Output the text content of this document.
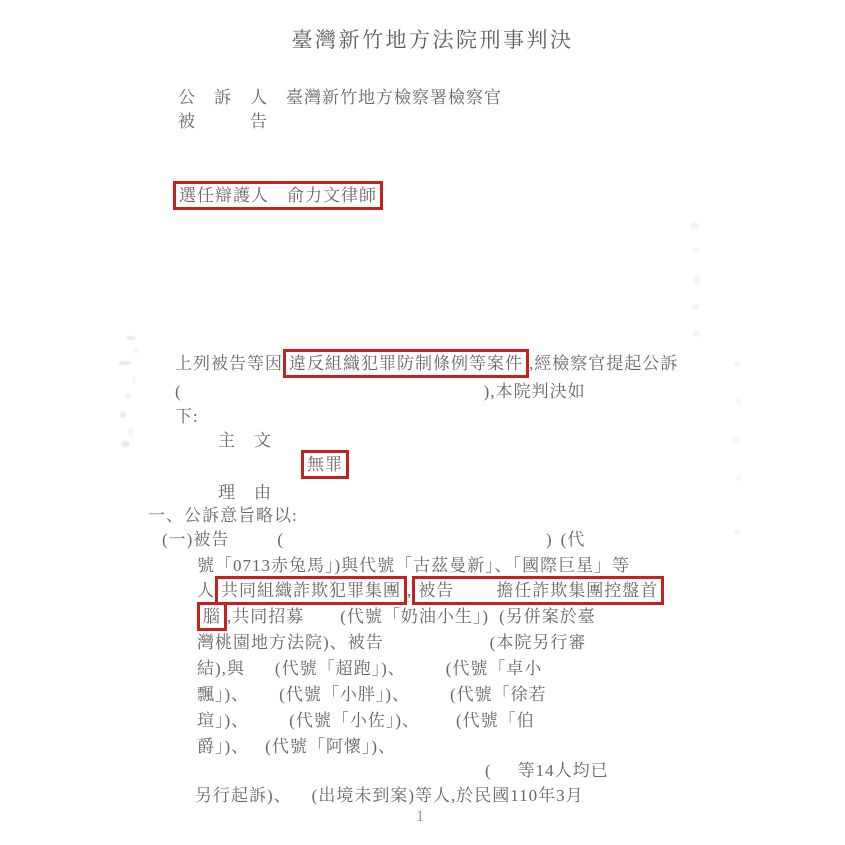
臺灣新竹地方法院刑事判決
公　訴　人　臺灣新竹地方檢察署檢察官
被　　　告
選任辯護人　俞力文律師
上列被告等因 違反組織犯罪防制條例等案件 ,經檢察官提起公訴
(	),本院判決如
下:
主　文
無罪
理　由
一、公訴意旨略以:
(一)被告	(	) (代
號「0713赤兔馬」)與代號「古茲曼新」、「國際巨星」等
人 共同組織詐欺犯罪集團 , 被告 擔任詐欺集團控盤首
腦 ,共同招募 (代號「奶油小生」) (另併案於臺
灣桃園地方法院)、被告	(本院另行審
結),與 (代號「超跑」)、 (代號「卓小
飄」)、 (代號「小胖」)、 (代號「徐若
瑄」)、 (代號「小佐」)、 (代號「伯
爵」)、 (代號「阿懷」)、
( 等14人均已
另行起訴)、 (出境未到案)等人,於民國110年3月
1
